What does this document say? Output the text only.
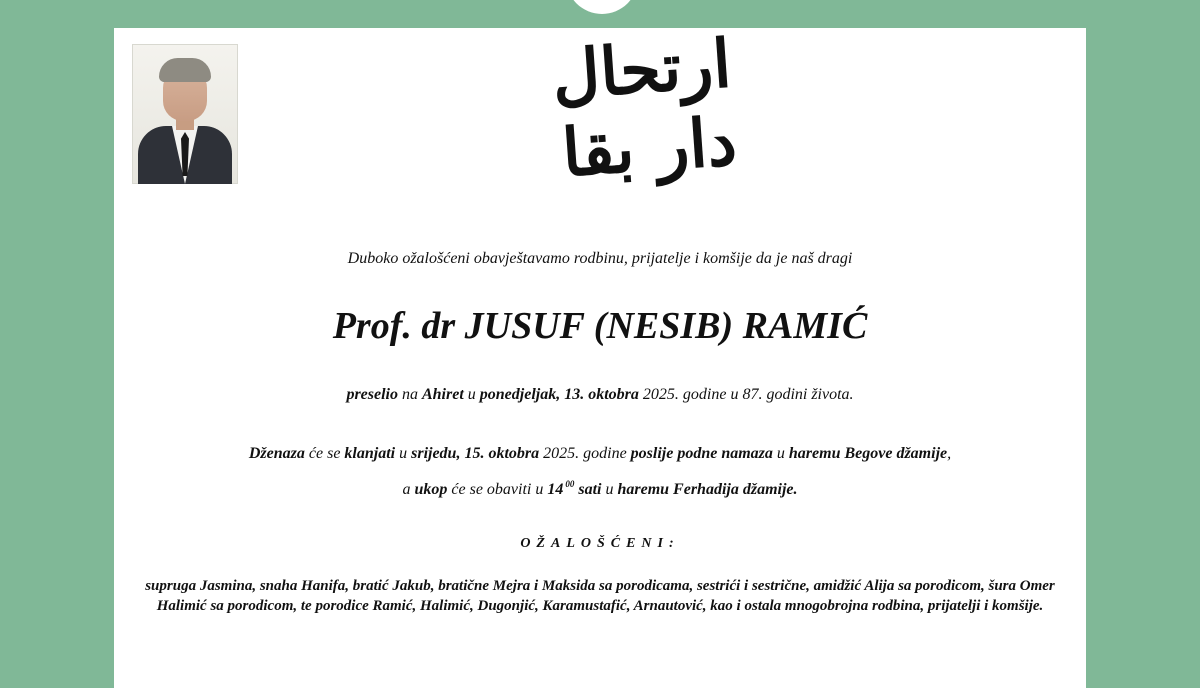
ارتحال دار بقا
Duboko ožalošćeni obavještavamo rodbinu, prijatelje i komšije da je naš dragi
Prof. dr JUSUF (NESIB) RAMIĆ
preselio na Ahiret u ponedjeljak, 13. oktobra 2025. godine u 87. godini života.
Dženaza će se klanjati u srijedu, 15. oktobra 2025. godine poslije podne namaza u haremu Begove džamije,
a ukop će se obaviti u 14 $^{00}$ sati u haremu Ferhadija džamije.
OŽALOŠĆENI:
supruga Jasmina, snaha Hanifa, bratić Jakub, bratične Mejra i Maksida sa porodicama, sestrići i sestrične, amidžić Alija sa porodicom, šura Omer Halimić sa porodicom, te porodice Ramić, Halimić, Dugonjić, Karamustafić, Arnautović, kao i ostala mnogobrojna rodbina, prijatelji i komšije.
